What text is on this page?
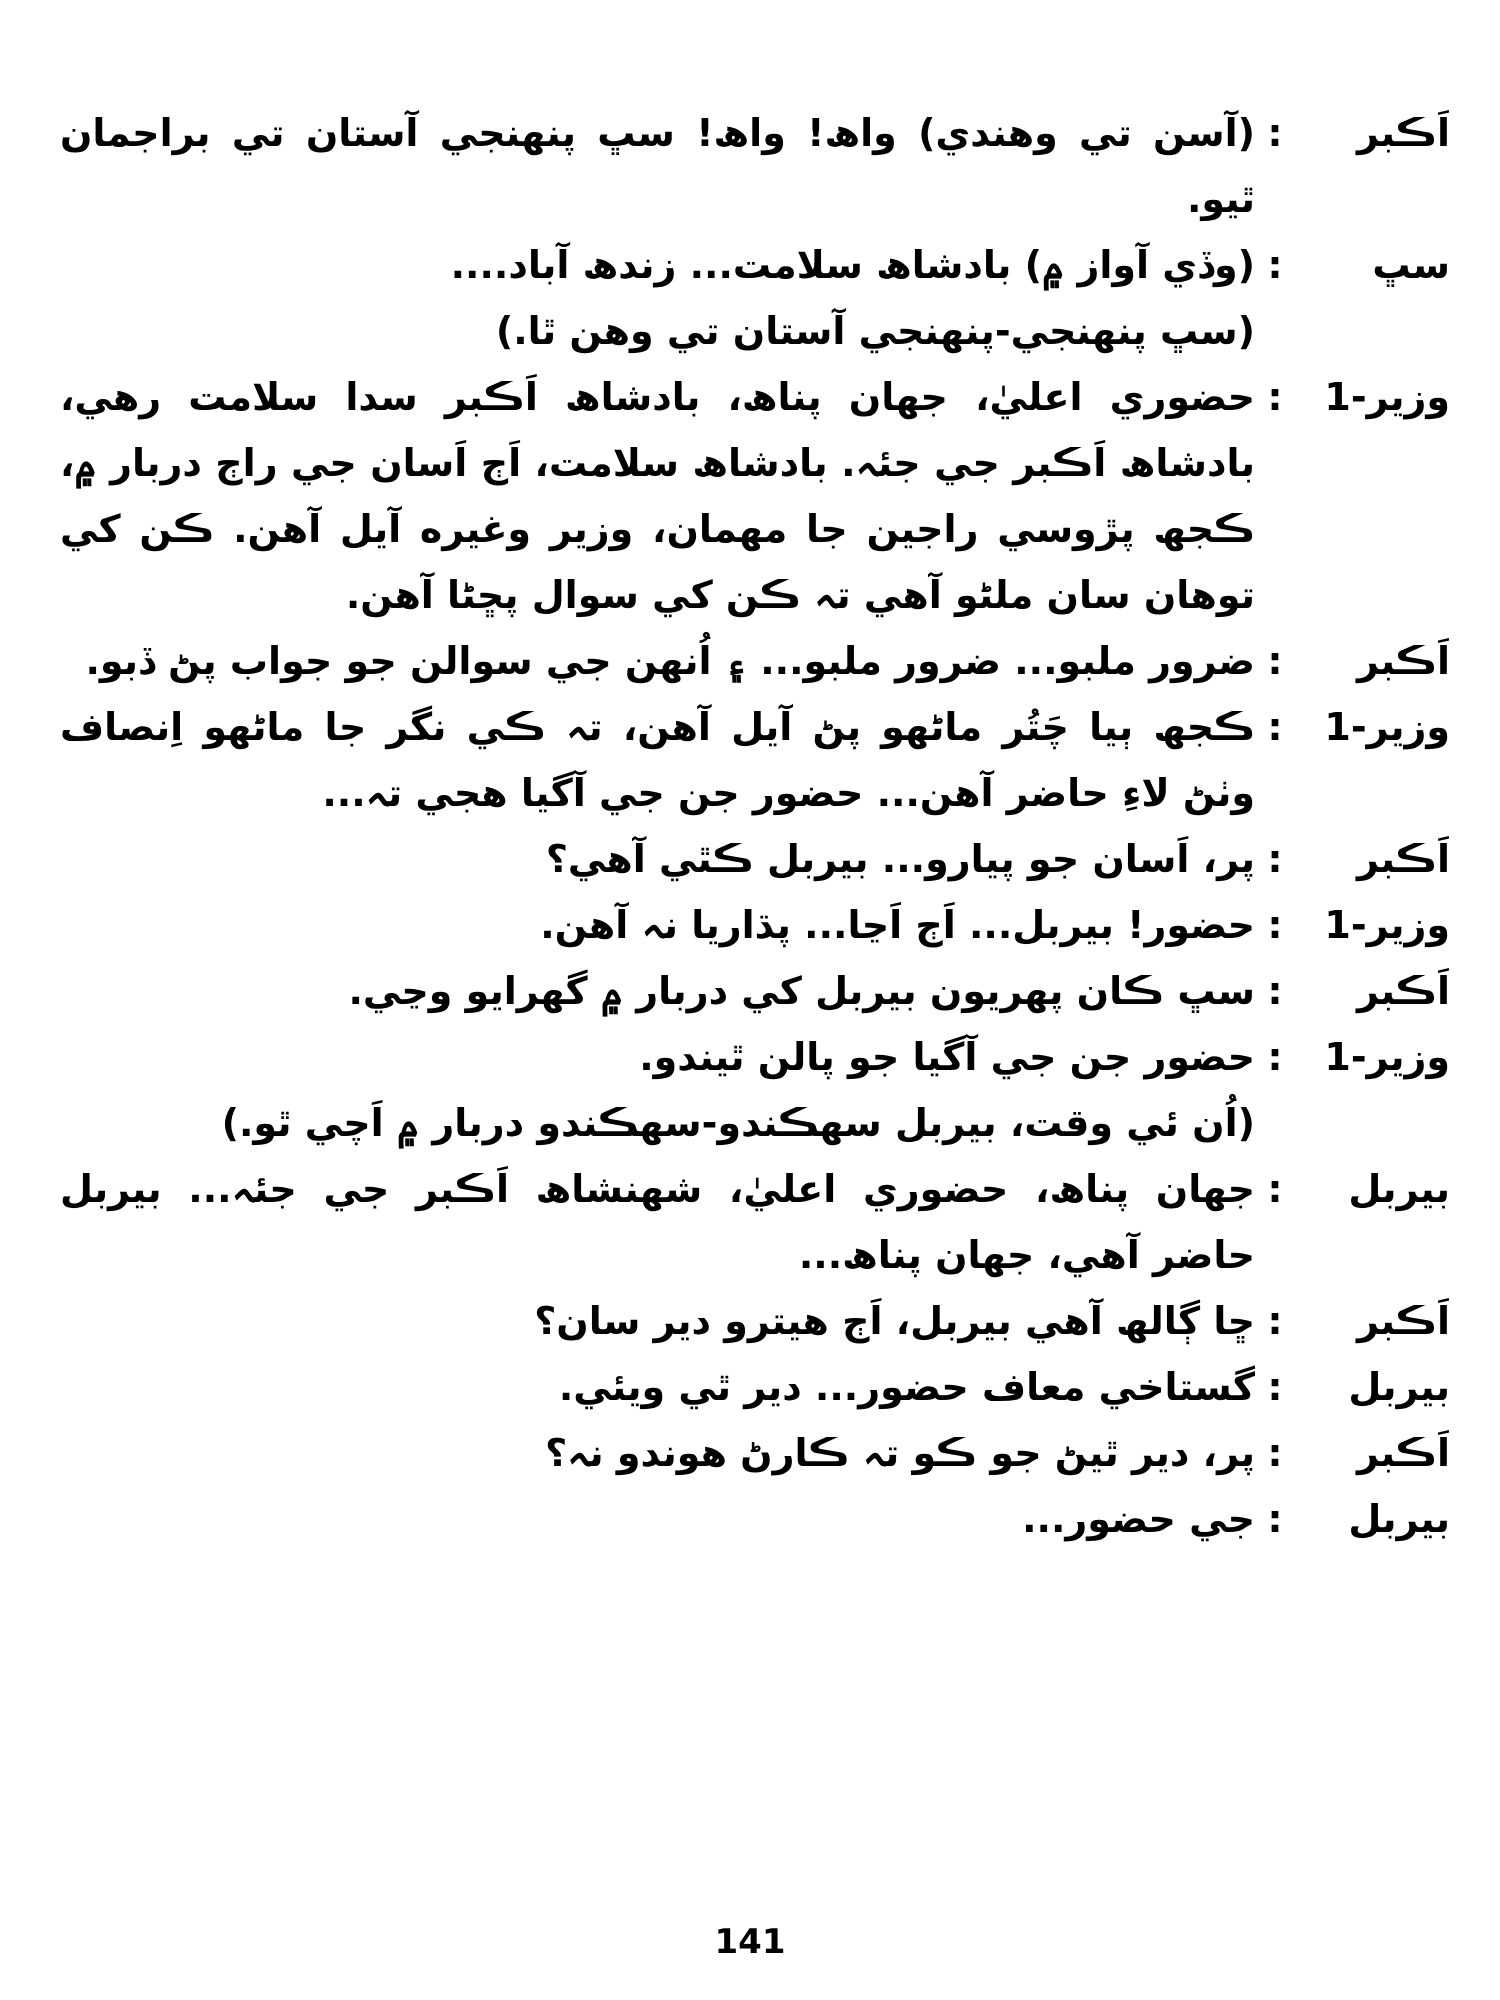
اَڪبر
:
(آسن تي وهندي) واھ! واھ! سڀ پنهنجي آستان تي براجمان ٿيو.
سڀ
:
(وڏي آواز ۾) بادشاھ سلامت... زندھ آباد....
(سڀ پنهنجي-پنهنجي آستان تي وهن ٿا.)
وزير-1
:
حضوري اعليٰ، جهان پناھ، بادشاھ اَڪبر سدا سلامت رهي، بادشاھ اَڪبر جي جئہ. بادشاھ سلامت، اَڄ اَسان جي راڄ دربار ۾، ڪجھ پڙوسي راجين جا مهمان، وزير وغيره آيل آهن. ڪن کي توهان سان ملڻو آهي تہ ڪن کي سوال پڇڻا آهن.
اَڪبر
:
ضرور ملبو... ضرور ملبو... ۽ اُنهن جي سوالن جو جواب پڻ ڏبو.
وزير-1
:
ڪجھ ٻيا چَتُر ماڻهو پڻ آيل آهن، تہ ڪي نگر جا ماڻهو اِنصاف وٺڻ لاءِ حاضر آهن... حضور جن جي آگيا هجي تہ...
اَڪبر
:
پر، اَسان جو پيارو... بيربل ڪٿي آهي؟
وزير-1
:
حضور! بيربل... اَڄ اَڃا... پڌاريا نہ آهن.
اَڪبر
:
سڀ ڪان پهريون بيربل کي دربار ۾ گهرايو وڃي.
وزير-1
:
حضور جن جي آگيا جو پالن ٿيندو.
(اُن ئي وقت، بيربل سهڪندو-سهڪندو دربار ۾ اَچي ٿو.)
بيربل
:
جهان پناھ، حضوري اعليٰ، شهنشاھ اَڪبر جي جئہ... بيربل حاضر آهي، جهان پناھ...
اَڪبر
:
ڇا ڳالھ آهي بيربل، اَڄ هيترو دير سان؟
بيربل
:
گستاخي معاف حضور... دير ٿي ويئي.
اَڪبر
:
پر، دير ٿيڻ جو ڪو تہ ڪارڻ هوندو نہ؟
بيربل
:
جي حضور...
141
